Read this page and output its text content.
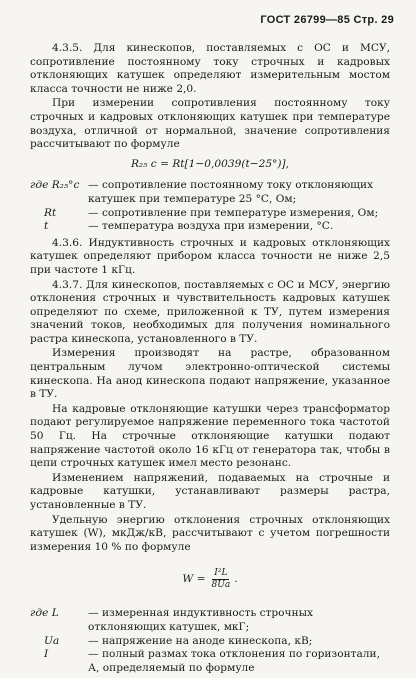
ГОСТ 26799—85 Стр. 29

4.3.5. Для кинескопов, поставляемых с ОС и МСУ, сопротивление постоянному току строчных и кадровых отклоняющих катушек определяют измерительным мостом класса точности не ниже 2,0.

При измерении сопротивления постоянному току строчных и кадровых отклоняющих катушек при температуре воздуха, отличной от нормальной, значение сопротивления рассчитывают по формуле

R₂₅ с = Rt[1−0,0039(t−25°)],
где R₂₅°с — сопротивление постоянному току отклоняющих катушек при температуре 25 °С, Ом;
Rt	— сопротивление при температуре измерения, Ом;
t	— температура воздуха при измерении, °С.

4.3.6. Индуктивность строчных и кадровых отклоняющих катушек определяют прибором класса точности не ниже 2,5 при частоте 1 кГц.

4.3.7. Для кинескопов, поставляемых с ОС и МСУ, энергию отклонения строчных и чувствительность кадровых катушек определяют по схеме, приложенной к ТУ, путем измерения значений токов, необходимых для получения номинального растра кинескопа, установленного в ТУ.

Измерения производят на растре, образованном центральным лучом электронно-оптической системы кинескопа. На анод кинескопа подают напряжение, указанное в ТУ.

На кадровые отклоняющие катушки через трансформатор подают регулируемое напряжение переменного тока частотой 50 Гц. На строчные отклоняющие катушки подают напряжение частотой около 16 кГц от генератора так, чтобы в цепи строчных катушек имел место резонанс.

Изменением напряжений, подаваемых на строчные и кадровые катушки, устанавливают размеры растра, установленные в ТУ.

Удельную энергию отклонения строчных отклоняющих катушек (W), мкДж/кВ, рассчитывают с учетом погрешности измерения 10 % по формуле

$W = \frac{\text{I²L}}{8Uа}$ .
где L	— измеренная индуктивность строчных отклоняющих катушек, мкГ;
Uа	— напряжение на аноде кинескопа, кВ;
I	— полный размах тока отклонения по горизонтали, А, определяемый по формуле
